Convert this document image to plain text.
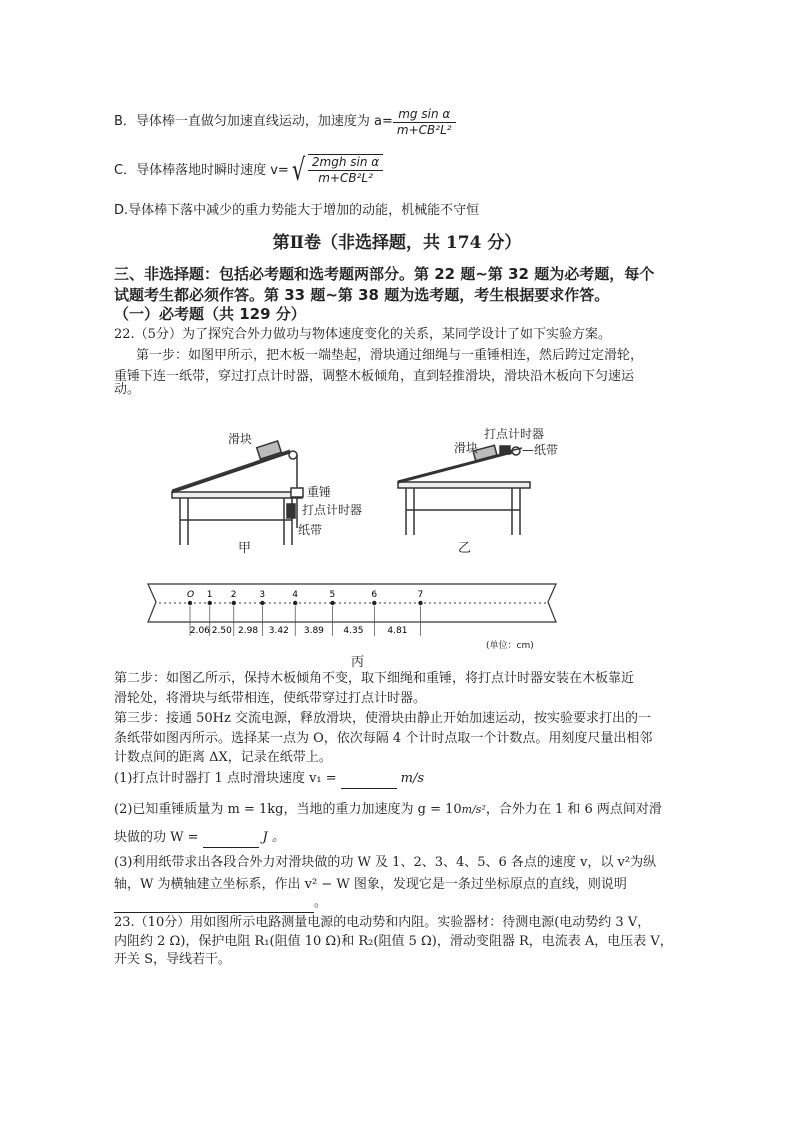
B．导体棒一直做匀加速直线运动，加速度为 $a= \frac{\text{mg sin α}}{\text{m+CB²L²}}$
C．导体棒落地时瞬时速度 v= √ $\frac{\text{2mgh sin α}}{\text{m+CB²L²}}$
D.导体棒下落中减少的重力势能大于增加的动能，机械能不守恒
第Ⅱ卷（非选择题，共 174 分）
三、非选择题：包括必考题和选考题两部分。第 22 题~第 32 题为必考题，每个
试题考生都必须作答。第 33 题~第 38 题为选考题，考生根据要求作答。
（一）必考题（共 129 分）
22.（5分）为了探究合外力做功与物体速度变化的关系，某同学设计了如下实验方案。
第一步：如图甲所示，把木板一端垫起，滑块通过细绳与一重锤相连，然后跨过定滑轮，
重锤下连一纸带，穿过打点计时器，调整木板倾角，直到轻推滑块，滑块沿木板向下匀速运
动。
滑块
重锤
打点计时器
纸带
甲
打点计时器
滑块	—纸带
乙
O 1 2	3	4	5	6	7
2.06 2.50 2.98 3.42 3.89 4.35	4.81
(单位：cm)
丙
第二步：如图乙所示，保持木板倾角不变，取下细绳和重锤，将打点计时器安装在木板靠近
滑轮处，将滑块与纸带相连，使纸带穿过打点计时器。
第三步：接通 50Hz 交流电源，释放滑块，使滑块由静止开始加速运动，按实验要求打出的一
条纸带如图丙所示。选择某一点为 O，依次每隔 4 个计时点取一个计数点。用刻度尺量出相邻
计数点间的距离 ΔX，记录在纸带上。
(1)打点计时器打 1 点时滑块速度 v₁ =	m/s
(2)已知重锤质量为 m = 1kg，当地的重力加速度为 g = 10 m/s² ，合外力在 1 和 6 两点间对滑
块做的功 W =	J 。
(3)利用纸带求出各段合外力对滑块做的功 W 及 1、2、3、4、5、6 各点的速度 v，以 v²为纵
轴，W 为横轴建立坐标系，作出 v² − W 图象，发现它是一条过坐标原点的直线，则说明
。
23.（10分）用如图所示电路测量电源的电动势和内阻。实验器材：待测电源(电动势约 3 V，
内阻约 2 Ω)，保护电阻 R₁(阻值 10 Ω)和 R₂(阻值 5 Ω)，滑动变阻器 R，电流表 A，电压表 V，
开关 S，导线若干。
